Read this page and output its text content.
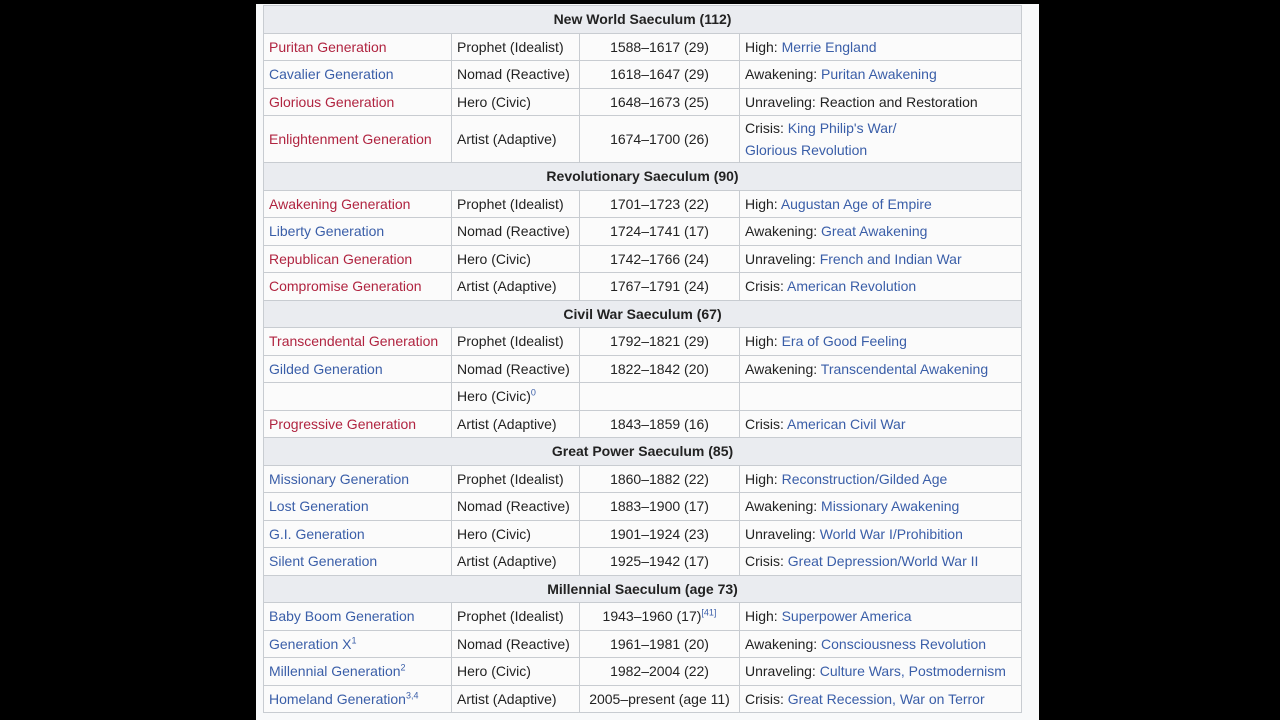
New World Saeculum (112)			
Puritan Generation	Prophet (Idealist)	1588–1617 (29)	High: Merrie England
Cavalier Generation	Nomad (Reactive)	1618–1647 (29)	Awakening: Puritan Awakening
Glorious Generation	Hero (Civic)	1648–1673 (25)	Unraveling: Reaction and Restoration
Enlightenment Generation	Artist (Adaptive)	1674–1700 (26)	Crisis: King Philip's War/
Glorious Revolution
Revolutionary Saeculum (90)			
Awakening Generation	Prophet (Idealist)	1701–1723 (22)	High: Augustan Age of Empire
Liberty Generation	Nomad (Reactive)	1724–1741 (17)	Awakening: Great Awakening
Republican Generation	Hero (Civic)	1742–1766 (24)	Unraveling: French and Indian War
Compromise Generation	Artist (Adaptive)	1767–1791 (24)	Crisis: American Revolution
Civil War Saeculum (67)			
Transcendental Generation	Prophet (Idealist)	1792–1821 (29)	High: Era of Good Feeling
Gilded Generation	Nomad (Reactive)	1822–1842 (20)	Awakening: Transcendental Awakening
	Hero (Civic)$^0$		
Progressive Generation	Artist (Adaptive)	1843–1859 (16)	Crisis: American Civil War
Great Power Saeculum (85)			
Missionary Generation	Prophet (Idealist)	1860–1882 (22)	High: Reconstruction/Gilded Age
Lost Generation	Nomad (Reactive)	1883–1900 (17)	Awakening: Missionary Awakening
G.I. Generation	Hero (Civic)	1901–1924 (23)	Unraveling: World War I/Prohibition
Silent Generation	Artist (Adaptive)	1925–1942 (17)	Crisis: Great Depression/World War II
Millennial Saeculum (age 73)			
Baby Boom Generation	Prophet (Idealist)	1943–1960 (17)[41]	High: Superpower America
Generation $X^1$	Nomad (Reactive)	1961–1981 (20)	Awakening: Consciousness Revolution
Millennial Generation$^2$	Hero (Civic)	1982–2004 (22)	Unraveling: Culture Wars, Postmodernism
Homeland Generation$^{3,4}$	Artist (Adaptive)	2005–present (age 11)	Crisis: Great Recession, War on Terror
